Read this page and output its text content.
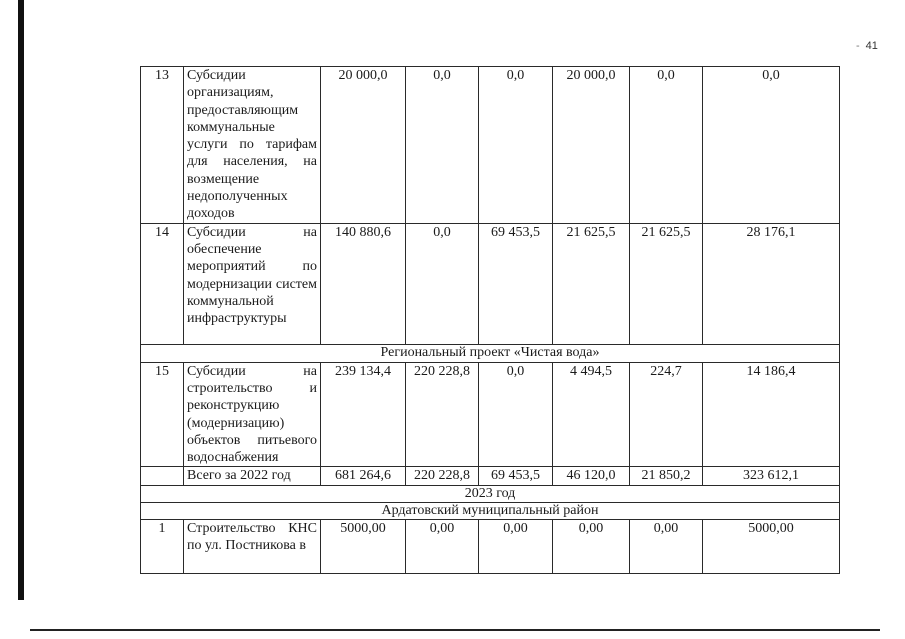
- 41
13	Субсидии организациям, предоставляющим коммунальные услуги по тарифам для населения, на возмещение недополученных доходов	20 000,0	0,0	0,0	20 000,0	0,0	0,0
14	Субсидии на обеспечение мероприятий по модернизации систем коммунальной инфраструктуры	140 880,6	0,0	69 453,5	21 625,5	21 625,5	28 176,1
Региональный проект «Чистая вода»							
15	Субсидии на строительство и реконструкцию (модернизацию) объектов питьевого водоснабжения	239 134,4	220 228,8	0,0	4 494,5	224,7	14 186,4
	Всего за 2022 год	681 264,6	220 228,8	69 453,5	46 120,0	21 850,2	323 612,1
2023 год							
Ардатовский муниципальный район							
1	Строительство КНС по ул. Постникова в	5000,00	0,00	0,00	0,00	0,00	5000,00
